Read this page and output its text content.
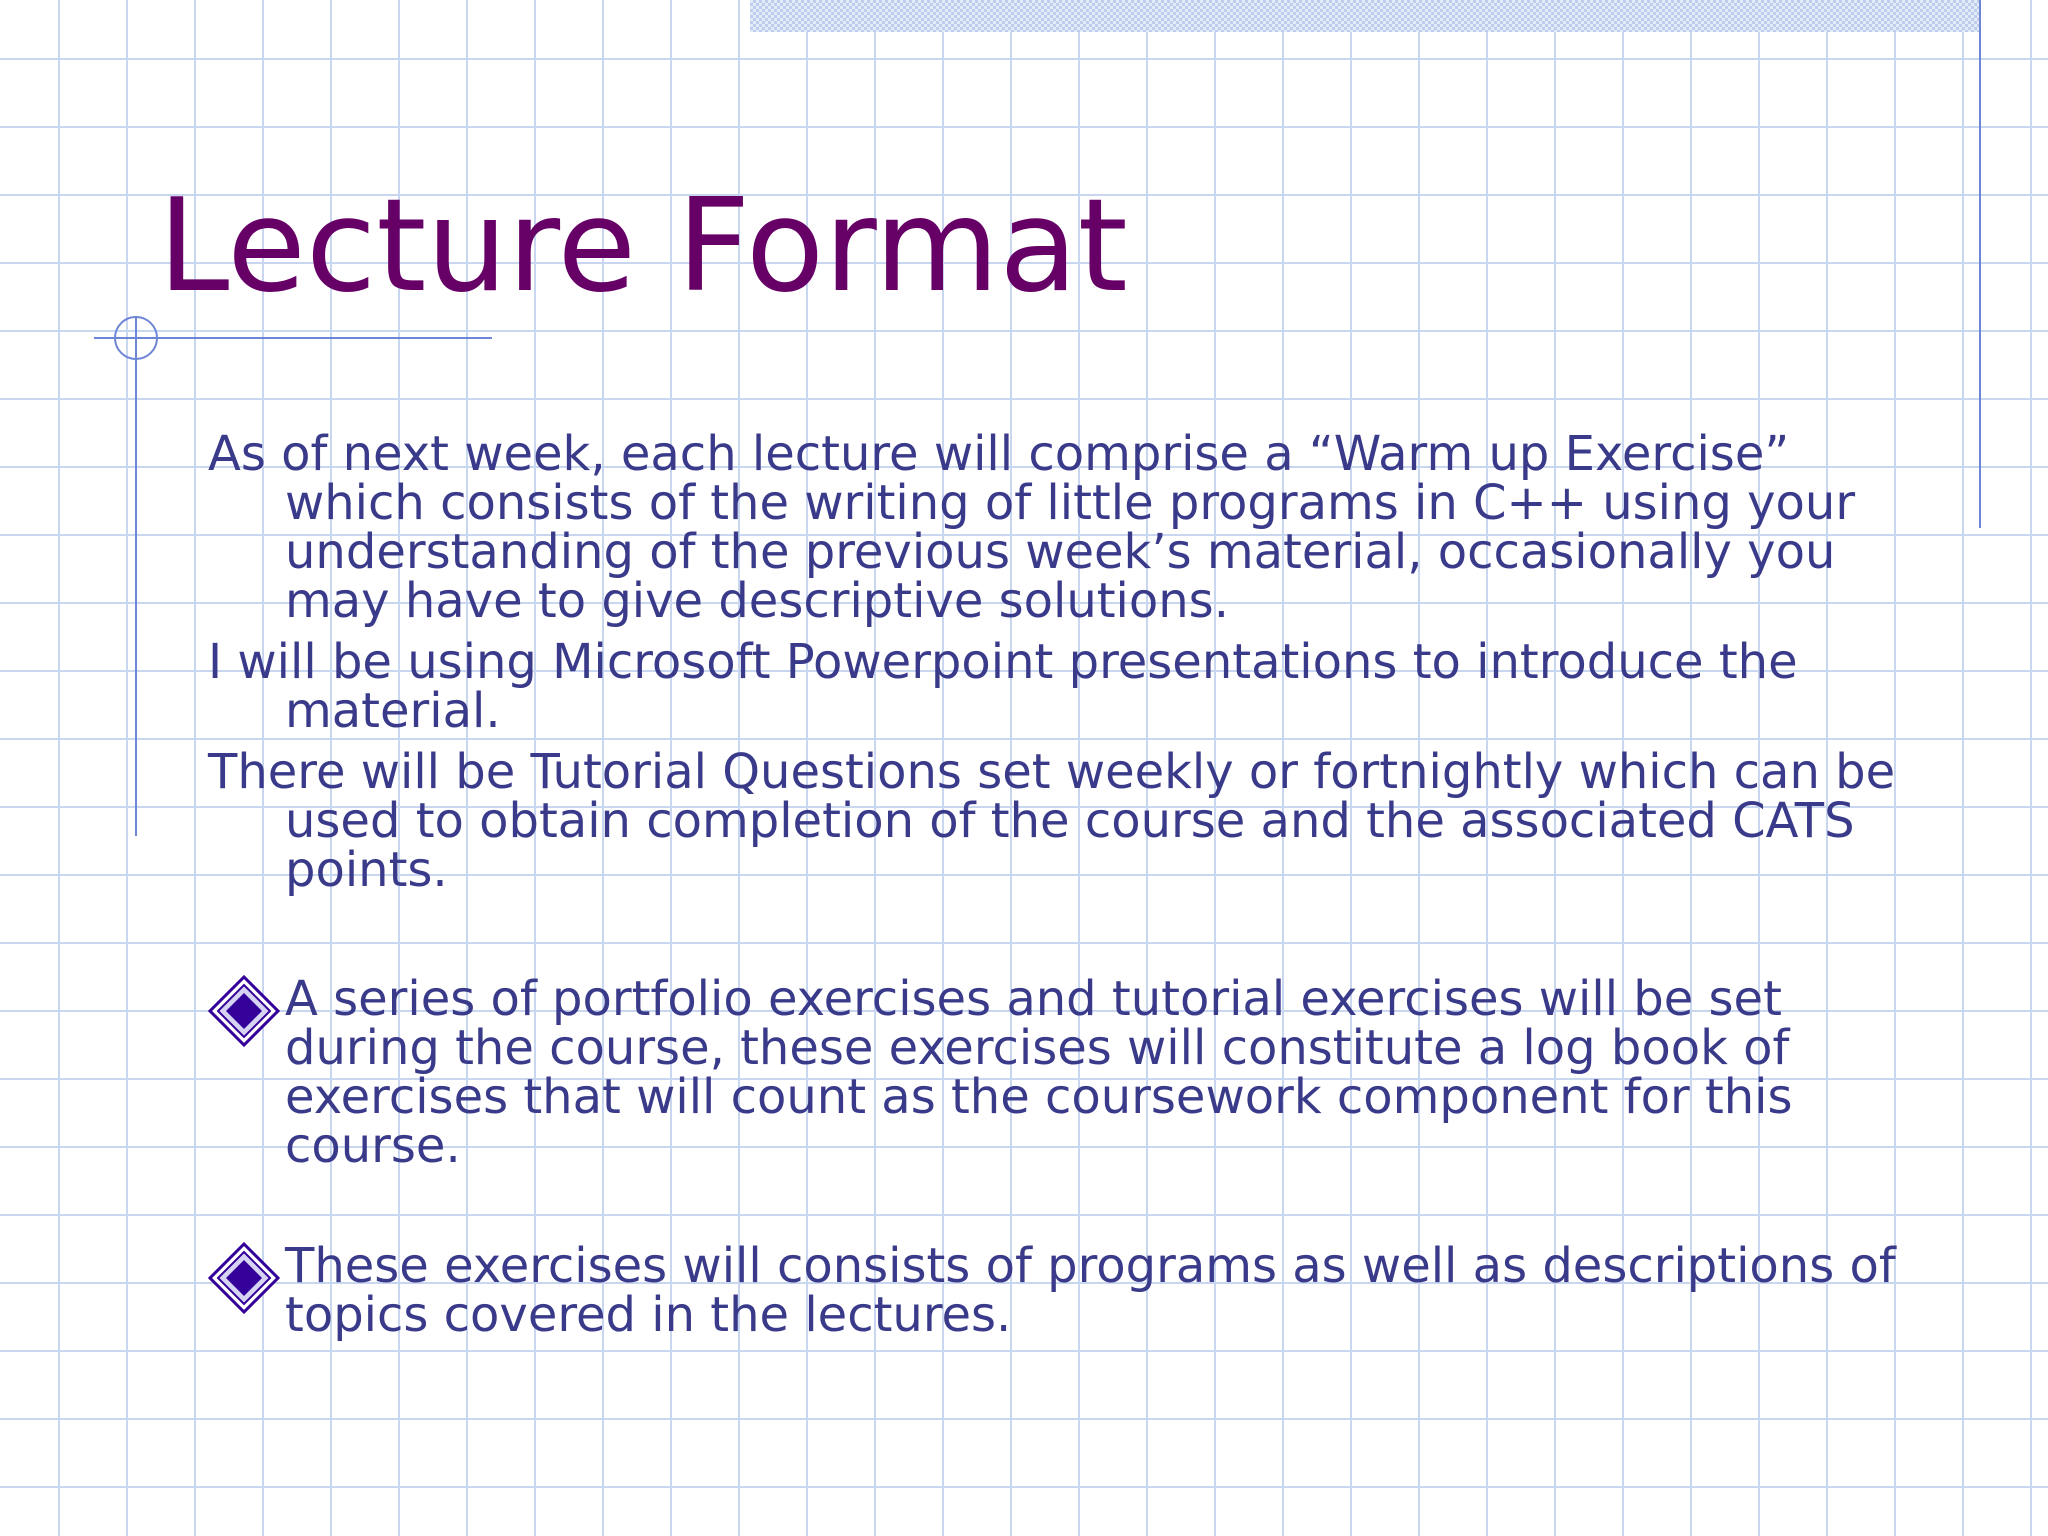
Lecture Format

As of next week, each lecture will comprise a “Warm up Exercise” which consists of the writing of little programs in C++ using your understanding of the previous week’s material, occasionally you may have to give descriptive solutions.

I will be using Microsoft Powerpoint presentations to introduce the material.

There will be Tutorial Questions set weekly or fortnightly which can be used to obtain completion of the course and the associated CATS points.

A series of portfolio exercises and tutorial exercises will be set during the course, these exercises will constitute a log book of exercises that will count as the coursework component for this course.
These exercises will consists of programs as well as descriptions of topics covered in the lectures.
